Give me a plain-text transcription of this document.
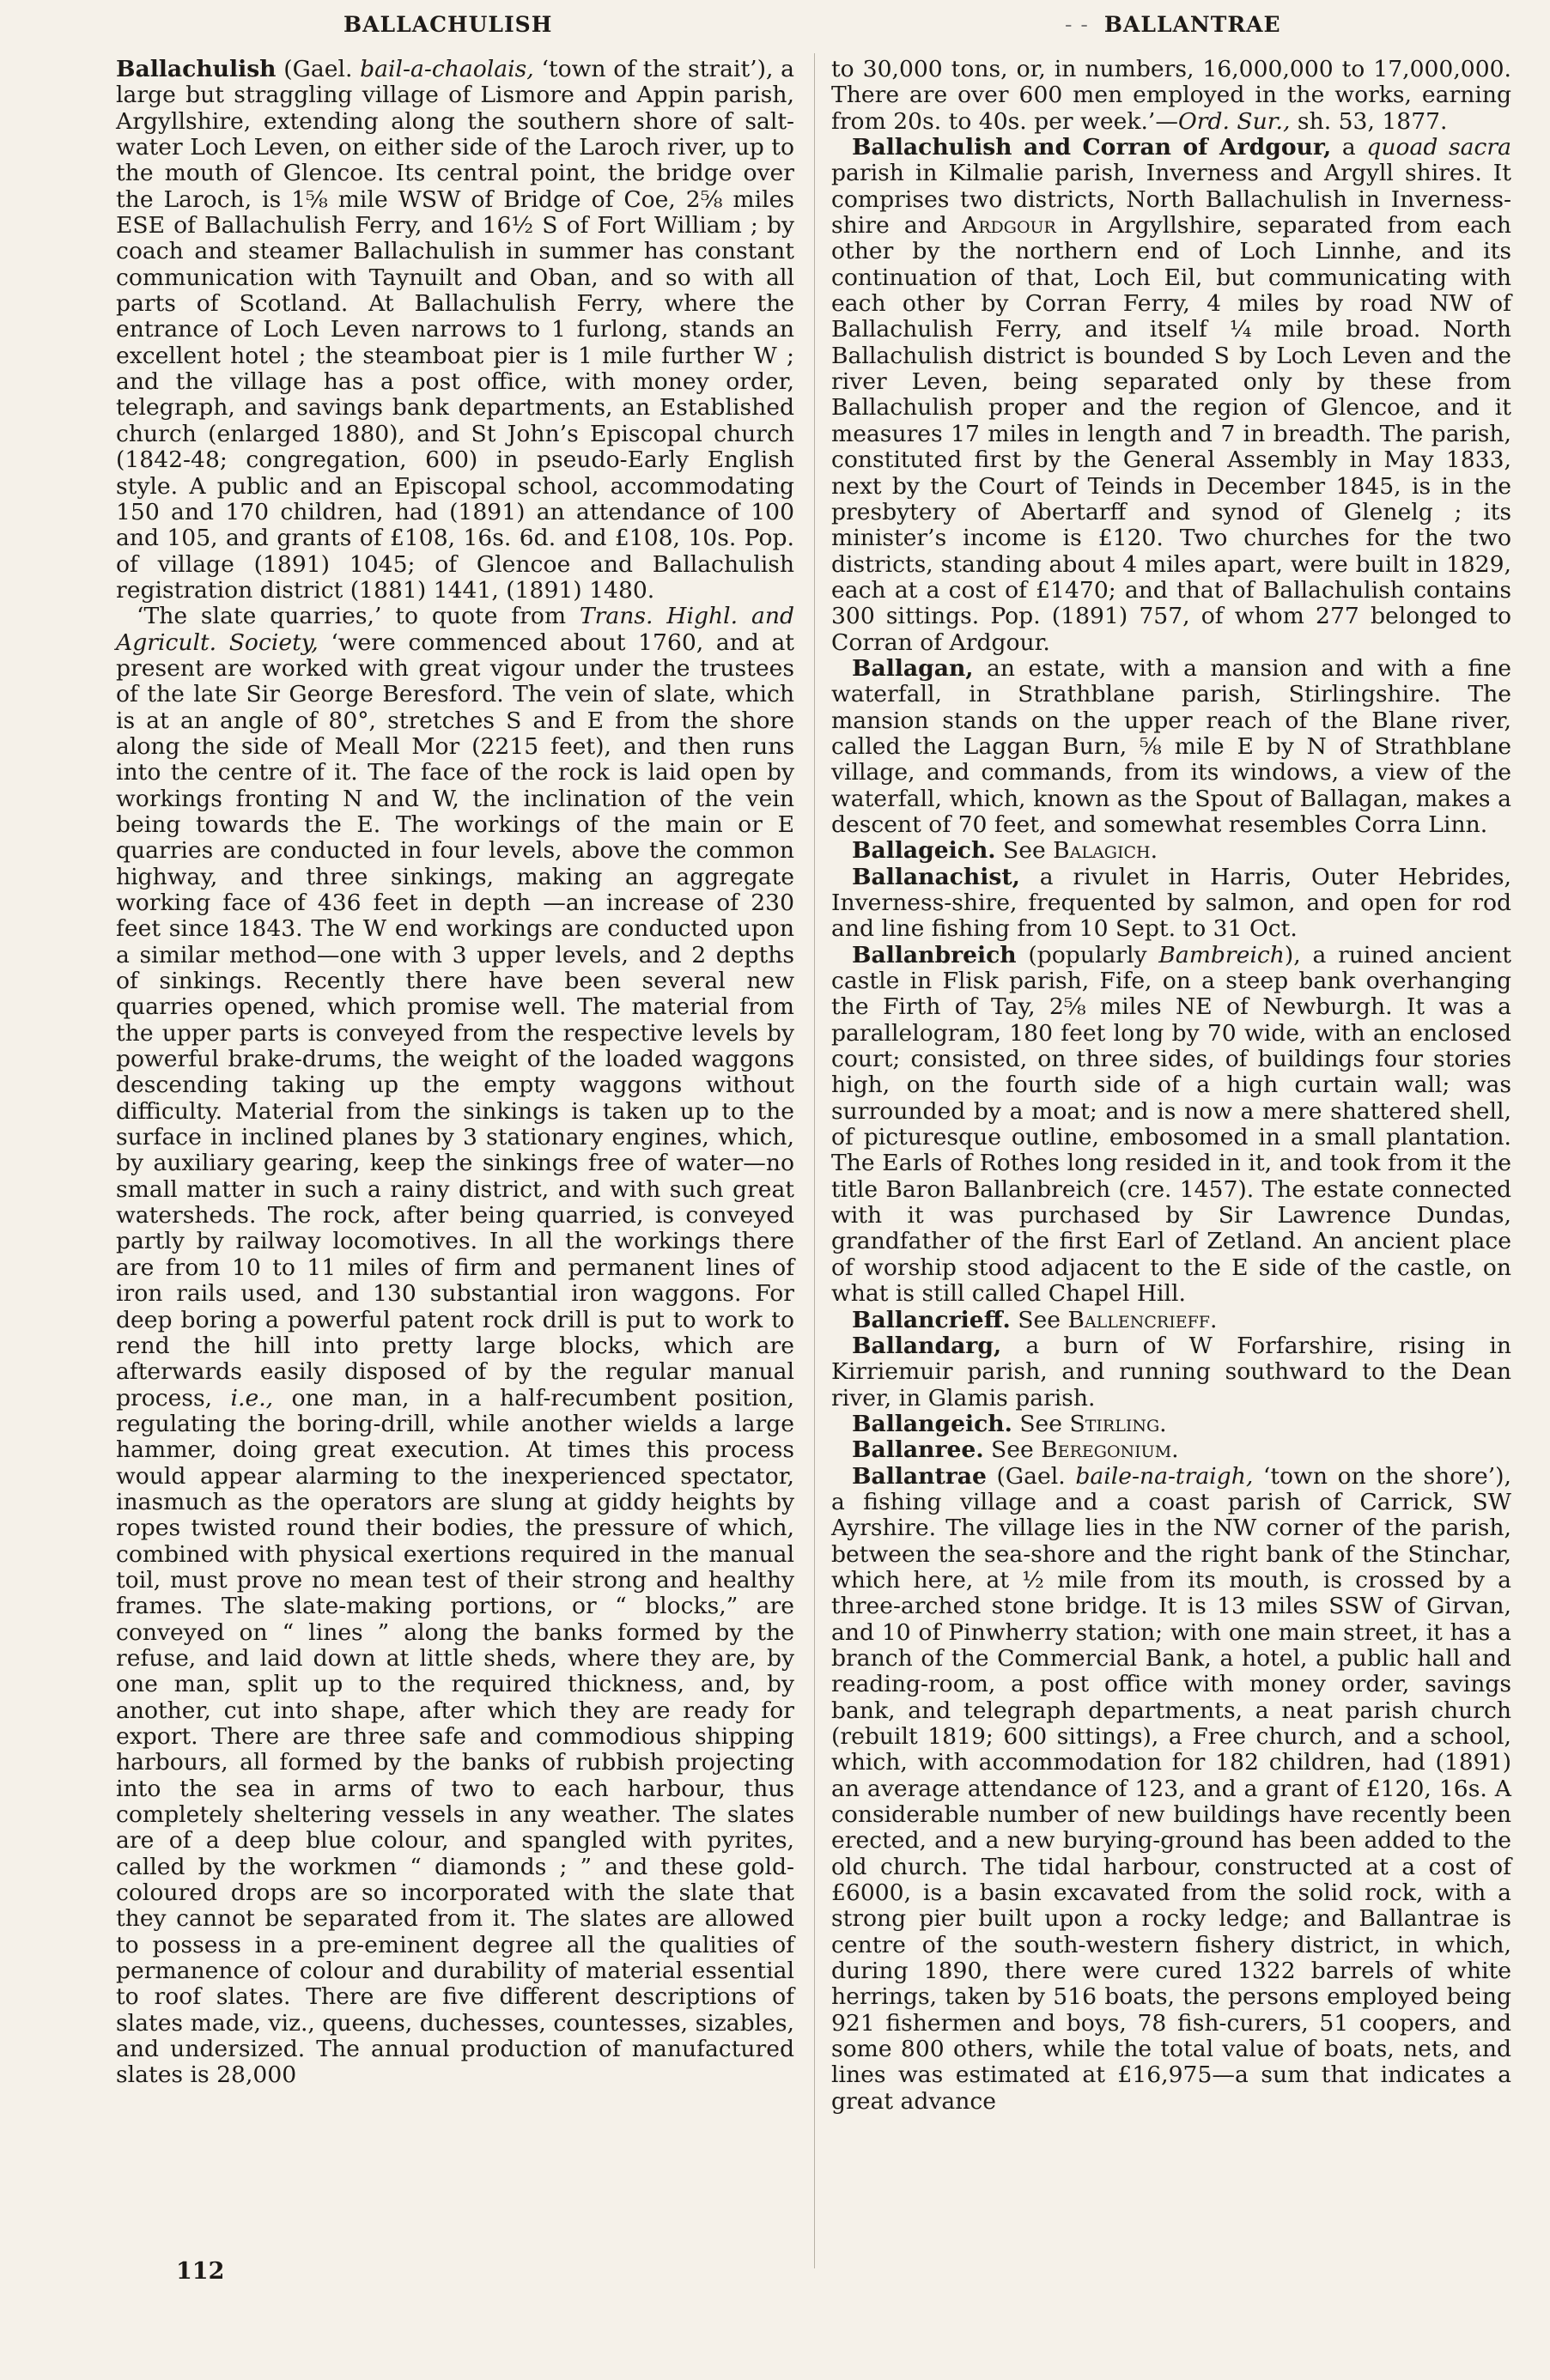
BALLACHULISH	- - BALLANTRAE

Ballachulish (Gael. bail-a-chaolais, ‘town of the strait’), a large but straggling village of Lismore and Appin parish, Argyllshire, extending along the southern shore of salt-water Loch Leven, on either side of the Laroch river, up to the mouth of Glencoe. Its central point, the bridge over the Laroch, is 1⅝ mile WSW of Bridge of Coe, 2⅝ miles ESE of Ballachulish Ferry, and 16½ S of Fort William ; by coach and steamer Ballachulish in summer has constant communication with Taynuilt and Oban, and so with all parts of Scotland. At Ballachulish Ferry, where the entrance of Loch Leven narrows to 1 furlong, stands an excellent hotel ; the steamboat pier is 1 mile further W ; and the village has a post office, with money order, telegraph, and savings bank departments, an Established church (enlarged 1880), and St John’s Episcopal church (1842-48; congregation, 600) in pseudo-Early English style. A public and an Episcopal school, accommodating 150 and 170 children, had (1891) an attendance of 100 and 105, and grants of £108, 16s. 6d. and £108, 10s. Pop. of village (1891) 1045; of Glencoe and Ballachulish registration district (1881) 1441, (1891) 1480.

‘The slate quarries,’ to quote from Trans. Highl. and Agricult. Society, ‘were commenced about 1760, and at present are worked with great vigour under the trustees of the late Sir George Beresford. The vein of slate, which is at an angle of 80°, stretches S and E from the shore along the side of Meall Mor (2215 feet), and then runs into the centre of it. The face of the rock is laid open by workings fronting N and W, the inclination of the vein being towards the E. The workings of the main or E quarries are conducted in four levels, above the common highway, and three sinkings, making an aggregate working face of 436 feet in depth —an increase of 230 feet since 1843. The W end workings are conducted upon a similar method—one with 3 upper levels, and 2 depths of sinkings. Recently there have been several new quarries opened, which promise well. The material from the upper parts is conveyed from the respective levels by powerful brake-drums, the weight of the loaded waggons descending taking up the empty waggons without difficulty. Material from the sinkings is taken up to the surface in inclined planes by 3 stationary engines, which, by auxiliary gearing, keep the sinkings free of water—no small matter in such a rainy district, and with such great watersheds. The rock, after being quarried, is conveyed partly by railway locomotives. In all the workings there are from 10 to 11 miles of firm and permanent lines of iron rails used, and 130 substantial iron waggons. For deep boring a powerful patent rock drill is put to work to rend the hill into pretty large blocks, which are afterwards easily disposed of by the regular manual process, i.e., one man, in a half-recumbent position, regulating the boring-drill, while another wields a large hammer, doing great execution. At times this process would appear alarming to the inexperienced spectator, inasmuch as the operators are slung at giddy heights by ropes twisted round their bodies, the pressure of which, combined with physical exertions required in the manual toil, must prove no mean test of their strong and healthy frames. The slate-making portions, or “ blocks,” are conveyed on “ lines ” along the banks formed by the refuse, and laid down at little sheds, where they are, by one man, split up to the required thickness, and, by another, cut into shape, after which they are ready for export. There are three safe and commodious shipping harbours, all formed by the banks of rubbish projecting into the sea in arms of two to each harbour, thus completely sheltering vessels in any weather. The slates are of a deep blue colour, and spangled with pyrites, called by the workmen “ diamonds ; ” and these gold-coloured drops are so incorporated with the slate that they cannot be separated from it. The slates are allowed to possess in a pre-eminent degree all the qualities of permanence of colour and durability of material essential to roof slates. There are five different descriptions of slates made, viz., queens, duchesses, countesses, sizables, and undersized. The annual production of manufactured slates is 28,000

to 30,000 tons, or, in numbers, 16,000,000 to 17,000,000. There are over 600 men employed in the works, earning from 20s. to 40s. per week.’—Ord. Sur., sh. 53, 1877.

Ballachulish and Corran of Ardgour, a quoad sacra parish in Kilmalie parish, Inverness and Argyll shires. It comprises two districts, North Ballachulish in Inverness-shire and Ardgour in Argyllshire, separated from each other by the northern end of Loch Linnhe, and its continuation of that, Loch Eil, but communicating with each other by Corran Ferry, 4 miles by road NW of Ballachulish Ferry, and itself ¼ mile broad. North Ballachulish district is bounded S by Loch Leven and the river Leven, being separated only by these from Ballachulish proper and the region of Glencoe, and it measures 17 miles in length and 7 in breadth. The parish, constituted first by the General Assembly in May 1833, next by the Court of Teinds in December 1845, is in the presbytery of Abertarff and synod of Glenelg ; its minister’s income is £120. Two churches for the two districts, standing about 4 miles apart, were built in 1829, each at a cost of £1470; and that of Ballachulish contains 300 sittings. Pop. (1891) 757, of whom 277 belonged to Corran of Ardgour.

Ballagan, an estate, with a mansion and with a fine waterfall, in Strathblane parish, Stirlingshire. The mansion stands on the upper reach of the Blane river, called the Laggan Burn, ⅝ mile E by N of Strathblane village, and commands, from its windows, a view of the waterfall, which, known as the Spout of Ballagan, makes a descent of 70 feet, and somewhat resembles Corra Linn.

Ballageich. See Balagich.

Ballanachist, a rivulet in Harris, Outer Hebrides, Inverness-shire, frequented by salmon, and open for rod and line fishing from 10 Sept. to 31 Oct.

Ballanbreich (popularly Bambreich), a ruined ancient castle in Flisk parish, Fife, on a steep bank overhanging the Firth of Tay, 2⅝ miles NE of Newburgh. It was a parallelogram, 180 feet long by 70 wide, with an enclosed court; consisted, on three sides, of buildings four stories high, on the fourth side of a high curtain wall; was surrounded by a moat; and is now a mere shattered shell, of picturesque outline, embosomed in a small plantation. The Earls of Rothes long resided in it, and took from it the title Baron Ballanbreich (cre. 1457). The estate connected with it was purchased by Sir Lawrence Dundas, grandfather of the first Earl of Zetland. An ancient place of worship stood adjacent to the E side of the castle, on what is still called Chapel Hill.

Ballancrieff. See Ballencrieff.

Ballandarg, a burn of W Forfarshire, rising in Kirriemuir parish, and running southward to the Dean river, in Glamis parish.

Ballangeich. See Stirling.

Ballanree. See Beregonium.

Ballantrae (Gael. baile-na-traigh, ‘town on the shore’), a fishing village and a coast parish of Carrick, SW Ayrshire. The village lies in the NW corner of the parish, between the sea-shore and the right bank of the Stinchar, which here, at ½ mile from its mouth, is crossed by a three-arched stone bridge. It is 13 miles SSW of Girvan, and 10 of Pinwherry station; with one main street, it has a branch of the Commercial Bank, a hotel, a public hall and reading-room, a post office with money order, savings bank, and telegraph departments, a neat parish church (rebuilt 1819; 600 sittings), a Free church, and a school, which, with accommodation for 182 children, had (1891) an average attendance of 123, and a grant of £120, 16s. A considerable number of new buildings have recently been erected, and a new burying-ground has been added to the old church. The tidal harbour, constructed at a cost of £6000, is a basin excavated from the solid rock, with a strong pier built upon a rocky ledge; and Ballantrae is centre of the south-western fishery district, in which, during 1890, there were cured 1322 barrels of white herrings, taken by 516 boats, the persons employed being 921 fishermen and boys, 78 fish-curers, 51 coopers, and some 800 others, while the total value of boats, nets, and lines was estimated at £16,975—a sum that indicates a great advance

112
